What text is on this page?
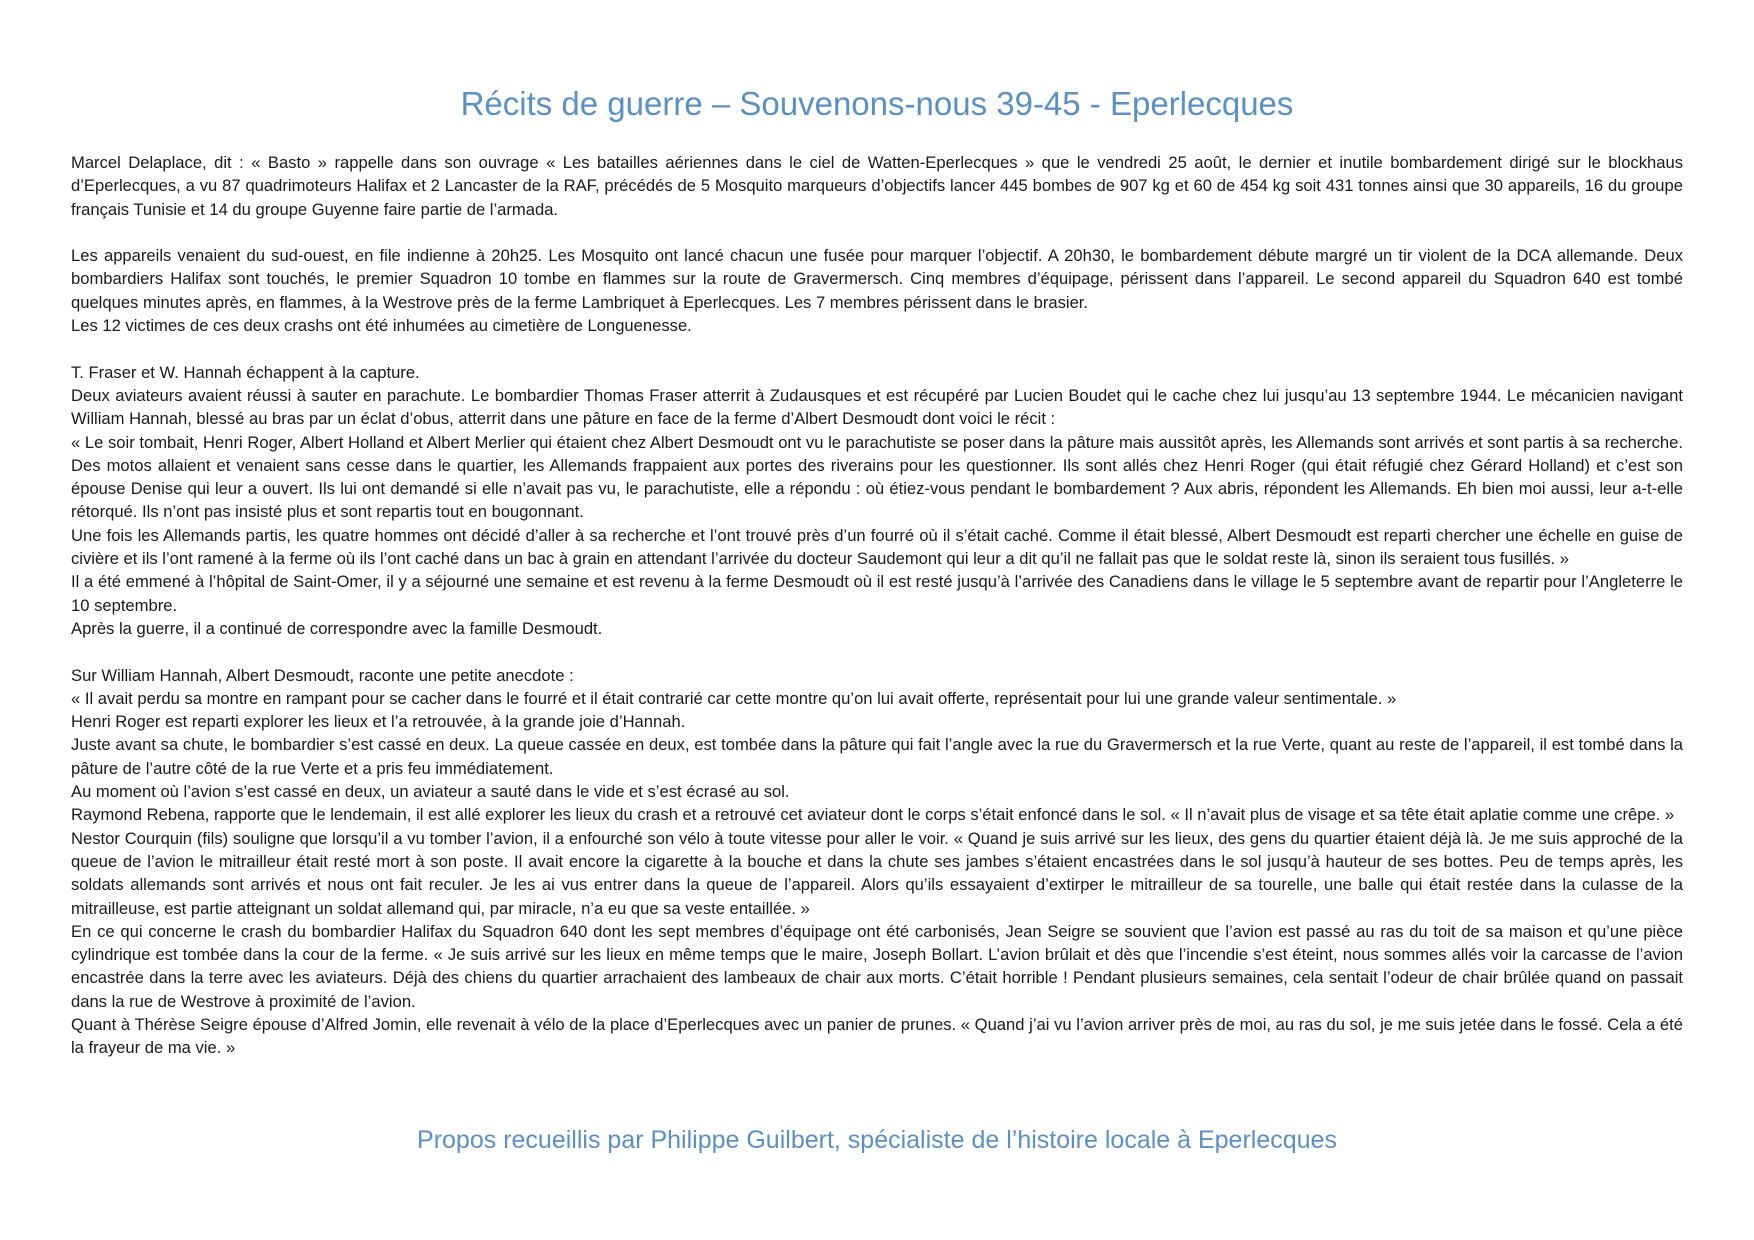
Récits de guerre – Souvenons-nous 39-45 - Eperlecques

Marcel Delaplace, dit : « Basto » rappelle dans son ouvrage « Les batailles aériennes dans le ciel de Watten-Eperlecques » que le vendredi 25 août, le dernier et inutile bombardement dirigé sur le blockhaus d’Eperlecques, a vu 87 quadrimoteurs Halifax et 2 Lancaster de la RAF, précédés de 5 Mosquito marqueurs d’objectifs lancer 445 bombes de 907 kg et 60 de 454 kg soit 431 tonnes ainsi que 30 appareils, 16 du groupe français Tunisie et 14 du groupe Guyenne faire partie de l’armada.

Les appareils venaient du sud-ouest, en file indienne à 20h25. Les Mosquito ont lancé chacun une fusée pour marquer l’objectif. A 20h30, le bombardement débute margré un tir violent de la DCA allemande. Deux bombardiers Halifax sont touchés, le premier Squadron 10 tombe en flammes sur la route de Gravermersch. Cinq membres d’équipage, périssent dans l’appareil. Le second appareil du Squadron 640 est tombé quelques minutes après, en flammes, à la Westrove près de la ferme Lambriquet à Eperlecques. Les 7 membres périssent dans le brasier.

Les 12 victimes de ces deux crashs ont été inhumées au cimetière de Longuenesse.

T. Fraser et W. Hannah échappent à la capture.

Deux aviateurs avaient réussi à sauter en parachute. Le bombardier Thomas Fraser atterrit à Zudausques et est récupéré par Lucien Boudet qui le cache chez lui jusqu’au 13 septembre 1944. Le mécanicien navigant William Hannah, blessé au bras par un éclat d’obus, atterrit dans une pâture en face de la ferme d’Albert Desmoudt dont voici le récit :

« Le soir tombait, Henri Roger, Albert Holland et Albert Merlier qui étaient chez Albert Desmoudt ont vu le parachutiste se poser dans la pâture mais aussitôt après, les Allemands sont arrivés et sont partis à sa recherche. Des motos allaient et venaient sans cesse dans le quartier, les Allemands frappaient aux portes des riverains pour les questionner. Ils sont allés chez Henri Roger (qui était réfugié chez Gérard Holland) et c’est son épouse Denise qui leur a ouvert. Ils lui ont demandé si elle n’avait pas vu, le parachutiste, elle a répondu : où étiez-vous pendant le bombardement ? Aux abris, répondent les Allemands. Eh bien moi aussi, leur a-t-elle rétorqué. Ils n’ont pas insisté plus et sont repartis tout en bougonnant.

Une fois les Allemands partis, les quatre hommes ont décidé d’aller à sa recherche et l’ont trouvé près d’un fourré où il s’était caché. Comme il était blessé, Albert Desmoudt est reparti chercher une échelle en guise de civière et ils l’ont ramené à la ferme où ils l’ont caché dans un bac à grain en attendant l’arrivée du docteur Saudemont qui leur a dit qu’il ne fallait pas que le soldat reste là, sinon ils seraient tous fusillés. »

Il a été emmené à l’hôpital de Saint-Omer, il y a séjourné une semaine et est revenu à la ferme Desmoudt où il est resté jusqu’à l’arrivée des Canadiens dans le village le 5 septembre avant de repartir pour l’Angleterre le 10 septembre.

Après la guerre, il a continué de correspondre avec la famille Desmoudt.

Sur William Hannah, Albert Desmoudt, raconte une petite anecdote :

« Il avait perdu sa montre en rampant pour se cacher dans le fourré et il était contrarié car cette montre qu’on lui avait offerte, représentait pour lui une grande valeur sentimentale. »

Henri Roger est reparti explorer les lieux et l’a retrouvée, à la grande joie d’Hannah.

Juste avant sa chute, le bombardier s’est cassé en deux. La queue cassée en deux, est tombée dans la pâture qui fait l’angle avec la rue du Gravermersch et la rue Verte, quant au reste de l’appareil, il est tombé dans la pâture de l’autre côté de la rue Verte et a pris feu immédiatement.

Au moment où l’avion s’est cassé en deux, un aviateur a sauté dans le vide et s’est écrasé au sol.

Raymond Rebena, rapporte que le lendemain, il est allé explorer les lieux du crash et a retrouvé cet aviateur dont le corps s’était enfoncé dans le sol. « Il n’avait plus de visage et sa tête était aplatie comme une crêpe. »

Nestor Courquin (fils) souligne que lorsqu’il a vu tomber l’avion, il a enfourché son vélo à toute vitesse pour aller le voir. « Quand je suis arrivé sur les lieux, des gens du quartier étaient déjà là. Je me suis approché de la queue de l’avion le mitrailleur était resté mort à son poste. Il avait encore la cigarette à la bouche et dans la chute ses jambes s’étaient encastrées dans le sol jusqu’à hauteur de ses bottes. Peu de temps après, les soldats allemands sont arrivés et nous ont fait reculer. Je les ai vus entrer dans la queue de l’appareil. Alors qu’ils essayaient d’extirper le mitrailleur de sa tourelle, une balle qui était restée dans la culasse de la mitrailleuse, est partie atteignant un soldat allemand qui, par miracle, n’a eu que sa veste entaillée. »

En ce qui concerne le crash du bombardier Halifax du Squadron 640 dont les sept membres d’équipage ont été carbonisés, Jean Seigre se souvient que l’avion est passé au ras du toit de sa maison et qu’une pièce cylindrique est tombée dans la cour de la ferme. « Je suis arrivé sur les lieux en même temps que le maire, Joseph Bollart. L’avion brûlait et dès que l’incendie s’est éteint, nous sommes allés voir la carcasse de l’avion encastrée dans la terre avec les aviateurs. Déjà des chiens du quartier arrachaient des lambeaux de chair aux morts. C’était horrible ! Pendant plusieurs semaines, cela sentait l’odeur de chair brûlée quand on passait dans la rue de Westrove à proximité de l’avion.

Quant à Thérèse Seigre épouse d’Alfred Jomin, elle revenait à vélo de la place d’Eperlecques avec un panier de prunes. « Quand j’ai vu l’avion arriver près de moi, au ras du sol, je me suis jetée dans le fossé. Cela a été la frayeur de ma vie. »

Propos recueillis par Philippe Guilbert, spécialiste de l’histoire locale à Eperlecques
